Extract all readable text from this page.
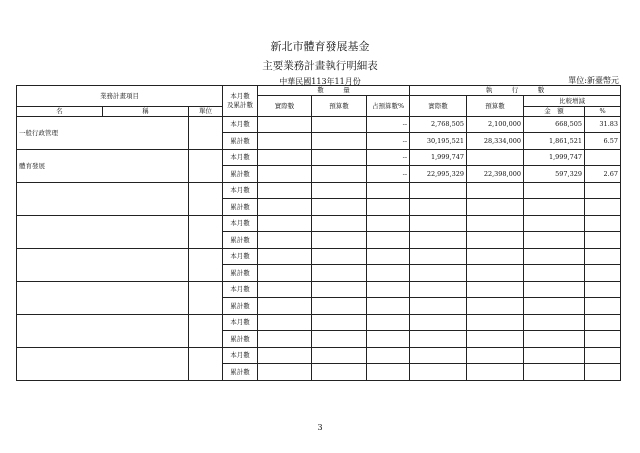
新北市體育發展基金
主要業務計畫執行明細表
中華民國113年11月份	單位:新臺幣元
業務計畫項目			本月數
及累計數	數　　　量			執　　　行　　　數			
				實際數	預算數	占預算數%	實際數	預算數	比較增減	
名	稱	單位							金　額	%
一般行政管理			本月數			--	2,768,505	2,100,000	668,505	31.83
			累計數			--	30,195,521	28,334,000	1,861,521	6.57
體育發展			本月數			--	1,999,747		1,999,747	
			累計數			--	22,995,329	22,398,000	597,329	2.67
			本月數							
			累計數							
			本月數							
			累計數							
			本月數							
			累計數							
			本月數							
			累計數							
			本月數							
			累計數							
			本月數							
			累計數							
3
